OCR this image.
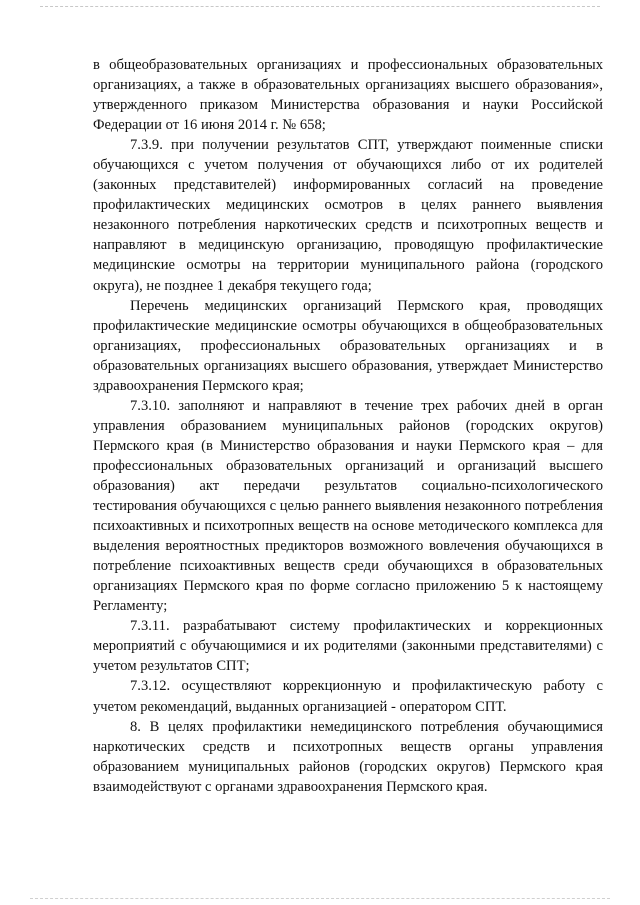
в общеобразовательных организациях и профессиональных образовательных организациях, а также в образовательных организациях высшего образования», утвержденного приказом Министерства образования и науки Российской Федерации от 16 июня 2014 г. № 658;

7.3.9. при получении результатов СПТ, утверждают поименные списки обучающихся с учетом получения от обучающихся либо от их родителей (законных представителей) информированных согласий на проведение профилактических медицинских осмотров в целях раннего выявления незаконного потребления наркотических средств и психотропных веществ и направляют в медицинскую организацию, проводящую профилактические медицинские осмотры на территории муниципального района (городского округа), не позднее 1 декабря текущего года;

Перечень медицинских организаций Пермского края, проводящих профилактические медицинские осмотры обучающихся в общеобразовательных организациях, профессиональных образовательных организациях и в образовательных организациях высшего образования, утверждает Министерство здравоохранения Пермского края;

7.3.10. заполняют и направляют в течение трех рабочих дней в орган управления образованием муниципальных районов (городских округов) Пермского края (в Министерство образования и науки Пермского края – для профессиональных образовательных организаций и организаций высшего образования) акт передачи результатов социально-психологического тестирования обучающихся с целью раннего выявления незаконного потребления психоактивных и психотропных веществ на основе методического комплекса для выделения вероятностных предикторов возможного вовлечения обучающихся в потребление психоактивных веществ среди обучающихся в образовательных организациях Пермского края по форме согласно приложению 5 к настоящему Регламенту;

7.3.11. разрабатывают систему профилактических и коррекционных мероприятий с обучающимися и их родителями (законными представителями) с учетом результатов СПТ;

7.3.12. осуществляют коррекционную и профилактическую работу с учетом рекомендаций, выданных организацией - оператором СПТ.

8. В целях профилактики немедицинского потребления обучающимися наркотических средств и психотропных веществ органы управления образованием муниципальных районов (городских округов) Пермского края взаимодействуют с органами здравоохранения Пермского края.
